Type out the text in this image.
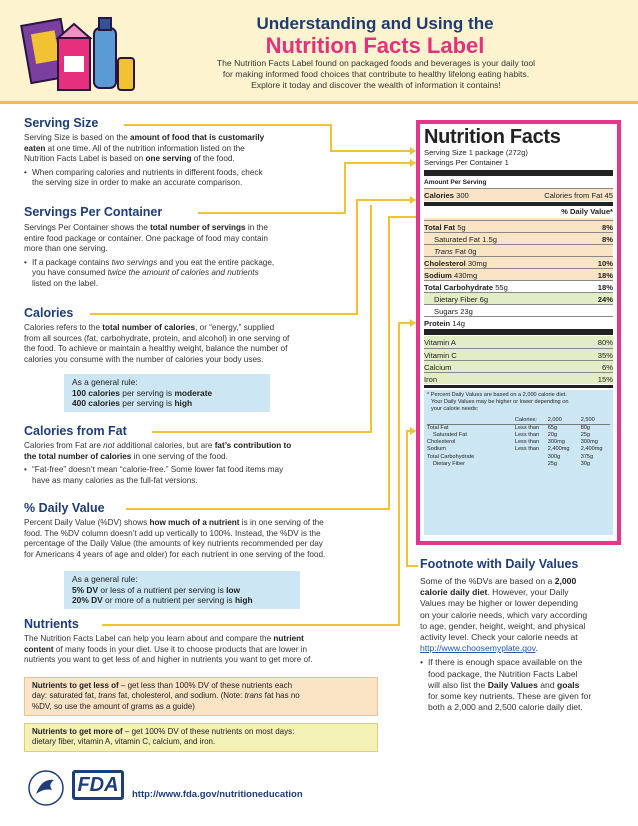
Understanding and Using the
Nutrition Facts Label
The Nutrition Facts Label found on packaged foods and beverages is your daily tool
for making informed food choices that contribute to healthy lifelong eating habits.
Explore it today and discover the wealth of information it contains!
Serving Size
Serving Size is based on the amount of food that is customarily
eaten at one time. All of the nutrition information listed on the
Nutrition Facts Label is based on one serving of the food.
• When comparing calories and nutrients in different foods, check
the serving size in order to make an accurate comparison.
Servings Per Container
Servings Per Container shows the total number of servings in the
entire food package or container. One package of food may contain
more than one serving.
• If a package contains two servings and you eat the entire package,
you have consumed twice the amount of calories and nutrients
listed on the label.
Calories
Calories refers to the total number of calories, or “energy,” supplied
from all sources (fat, carbohydrate, protein, and alcohol) in one serving of
the food. To achieve or maintain a healthy weight, balance the number of
calories you consume with the number of calories your body uses.
As a general rule:
100 calories per serving is moderate
400 calories per serving is high
Calories from Fat
Calories from Fat are not additional calories, but are fat’s contribution to
the total number of calories in one serving of the food.
• “Fat-free” doesn’t mean “calorie-free.” Some lower fat food items may
have as many calories as the full-fat versions.
% Daily Value
Percent Daily Value (%DV) shows how much of a nutrient is in one serving of the
food. The %DV column doesn’t add up vertically to 100%. Instead, the %DV is the
percentage of the Daily Value (the amounts of key nutrients recommended per day
for Americans 4 years of age and older) for each nutrient in one serving of the food.
As a general rule:
5% DV or less of a nutrient per serving is low
20% DV or more of a nutrient per serving is high
Nutrients
The Nutrition Facts Label can help you learn about and compare the nutrient
content of many foods in your diet. Use it to choose products that are lower in
nutrients you want to get less of and higher in nutrients you want to get more of.
Nutrients to get less of – get less than 100% DV of these nutrients each
day: saturated fat, trans fat, cholesterol, and sodium. (Note: trans fat has no
%DV, so use the amount of grams as a guide)
Nutrients to get more of – get 100% DV of these nutrients on most days:
dietary fiber, vitamin A, vitamin C, calcium, and iron.
Footnote with Daily Values
Some of the %DVs are based on a 2,000
calorie daily diet. However, your Daily
Values may be higher or lower depending
on your calorie needs, which vary according
to age, gender, height, weight, and physical
activity level. Check your calorie needs at
http://www.choosemyplate.gov.
• If there is enough space available on the
food package, the Nutrition Facts Label
will also list the Daily Values and goals
for some key nutrients. These are given for
both a 2,000 and 2,500 calorie daily diet.
Nutrition Facts
Serving Size 1 package (272g)
Servings Per Container 1
Amount Per Serving
Calories 300	Calories from Fat 45
% Daily Value*
Total Fat 5g	8%
Saturated Fat 1.5g	8%
Trans Fat 0g
Cholesterol 30mg	10%
Sodium 430mg	18%
Total Carbohydrate 55g	18%
Dietary Fiber 6g	24%
Sugars 23g
Protein 14g
Vitamin A	80%
Vitamin C	35%
Calcium	6%
Iron	15%
* Percent Daily Values are based on a 2,000 calorie diet.
Your Daily Values may be higher or lower depending on
your calorie needs:
	Calories:	2,000	2,500
Total Fat	Less than	65g	80g
Saturated Fat	Less than	20g	25g
Cholesterol	Less than	300mg	300mg
Sodium	Less than	2,400mg	2,400mg
Total Carbohydrate		300g	375g
Dietary Fiber		25g	30g
FDA	http://www.fda.gov/nutritioneducation
